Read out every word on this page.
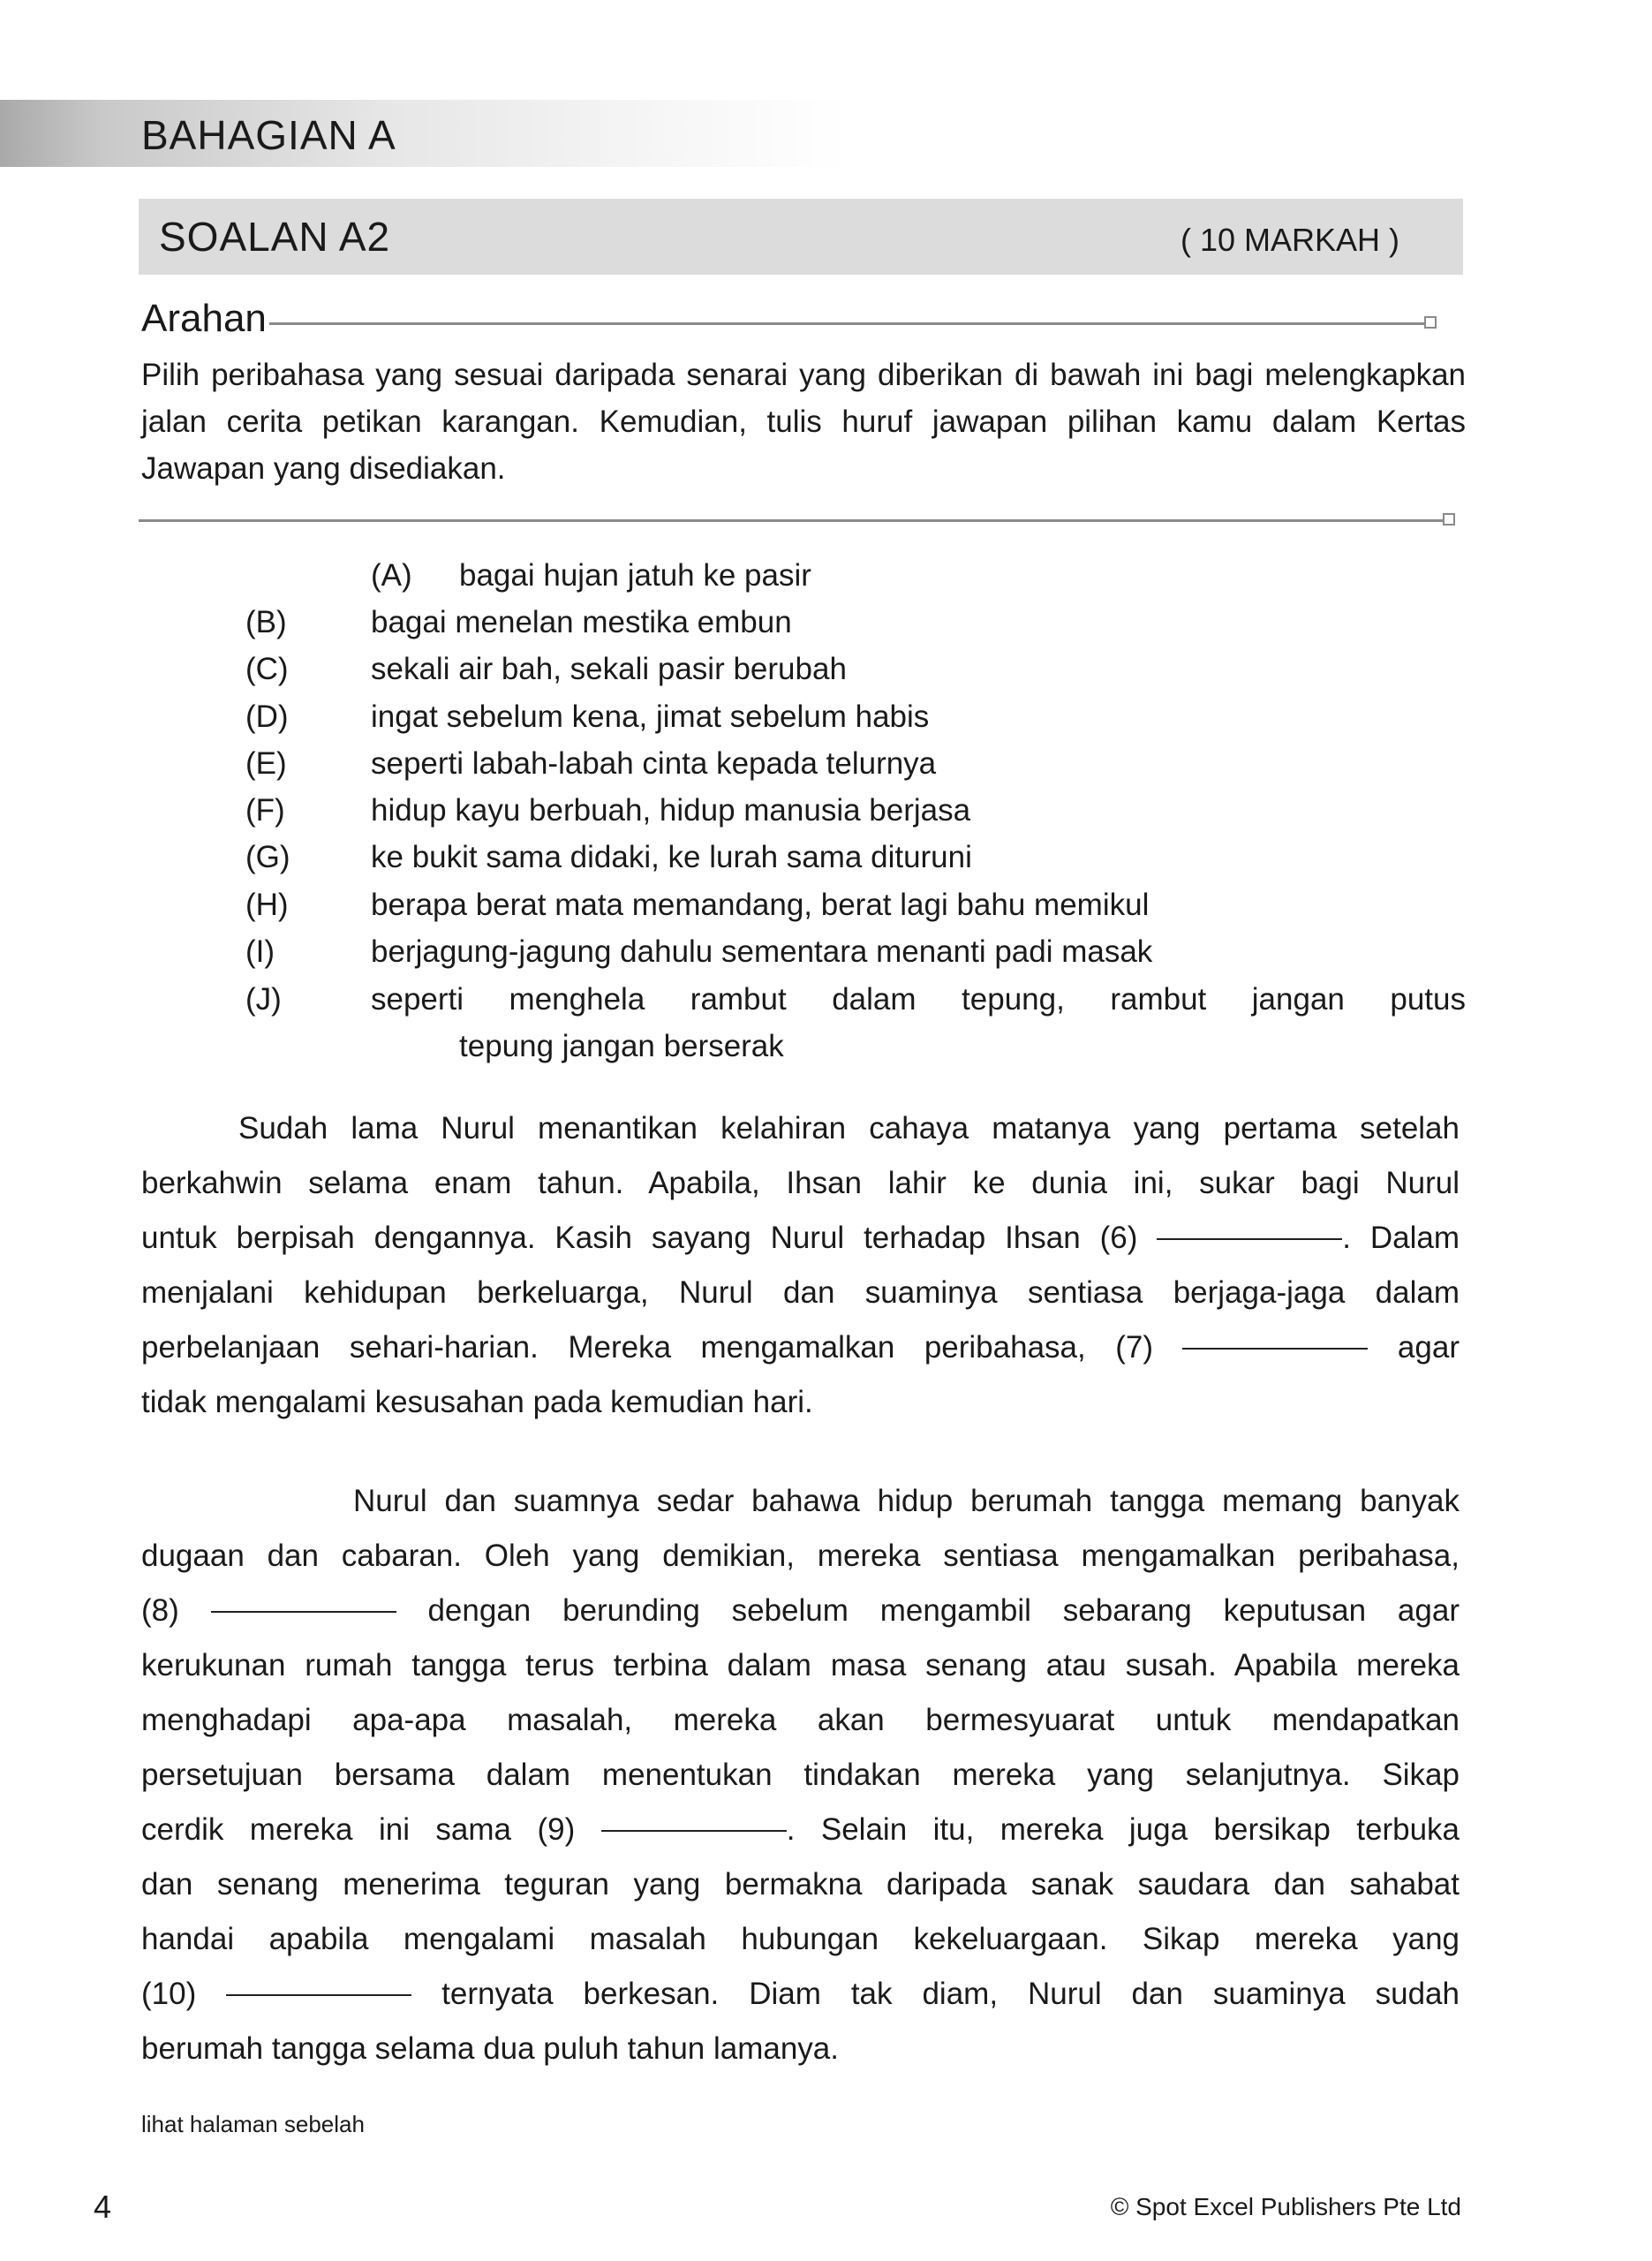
BAHAGIAN A
SOALAN A2	( 10 MARKAH )
Arahan
Pilih peribahasa yang sesuai daripada senarai yang diberikan di bawah ini bagi melengkapkan jalan cerita petikan karangan. Kemudian, tulis huruf jawapan pilihan kamu dalam Kertas Jawapan yang disediakan.
(A) bagai hujan jatuh ke pasir
(B)	bagai menelan mestika embun
(C)	sekali air bah, sekali pasir berubah
(D)	ingat sebelum kena, jimat sebelum habis
(E)	seperti labah-labah cinta kepada telurnya
(F)	hidup kayu berbuah, hidup manusia berjasa
(G)	ke bukit sama didaki, ke lurah sama dituruni
(H)	berapa berat mata memandang, berat lagi bahu memikul
(I)	berjagung-jagung dahulu sementara menanti padi masak
(J)	seperti menghela rambut dalam tepung, rambut jangan putus
tepung jangan berserak
Sudah lama Nurul menantikan kelahiran cahaya matanya yang pertama setelah
berkahwin selama enam tahun. Apabila, Ihsan lahir ke dunia ini, sukar bagi Nurul
untuk berpisah dengannya. Kasih sayang Nurul terhadap Ihsan (6)	. Dalam
menjalani kehidupan berkeluarga, Nurul dan suaminya sentiasa berjaga-jaga dalam
perbelanjaan sehari-harian. Mereka mengamalkan peribahasa, (7)	agar
tidak mengalami kesusahan pada kemudian hari.
Nurul dan suamnya sedar bahawa hidup berumah tangga memang banyak
dugaan dan cabaran. Oleh yang demikian, mereka sentiasa mengamalkan peribahasa,
(8)	dengan berunding sebelum mengambil sebarang keputusan agar
kerukunan rumah tangga terus terbina dalam masa senang atau susah. Apabila mereka
menghadapi apa-apa masalah, mereka akan bermesyuarat untuk mendapatkan
persetujuan bersama dalam menentukan tindakan mereka yang selanjutnya. Sikap
cerdik mereka ini sama (9)	. Selain itu, mereka juga bersikap terbuka
dan senang menerima teguran yang bermakna daripada sanak saudara dan sahabat
handai apabila mengalami masalah hubungan kekeluargaan. Sikap mereka yang
(10)	ternyata berkesan. Diam tak diam, Nurul dan suaminya sudah
berumah tangga selama dua puluh tahun lamanya.
lihat halaman sebelah
4	© Spot Excel Publishers Pte Ltd
